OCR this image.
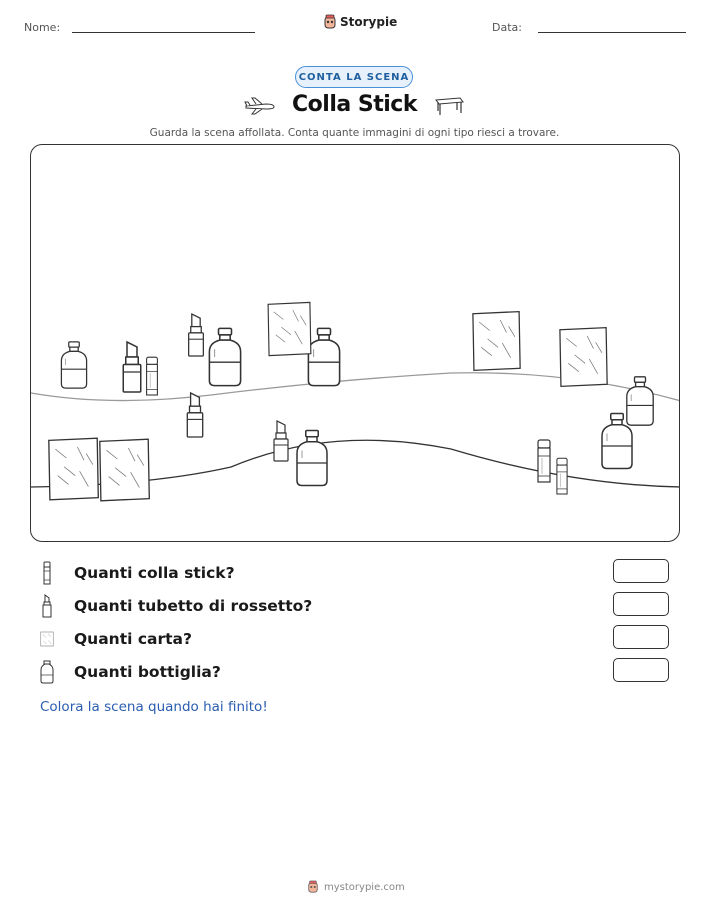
Nome:	Storypie	Data:
CONTA LA SCENA
Colla Stick
Guarda la scena affollata. Conta quante immagini di ogni tipo riesci a trovare.
Quanti colla stick?
Quanti tubetto di rossetto?
Quanti carta?
Quanti bottiglia?
Colora la scena quando hai finito!
mystorypie.com
